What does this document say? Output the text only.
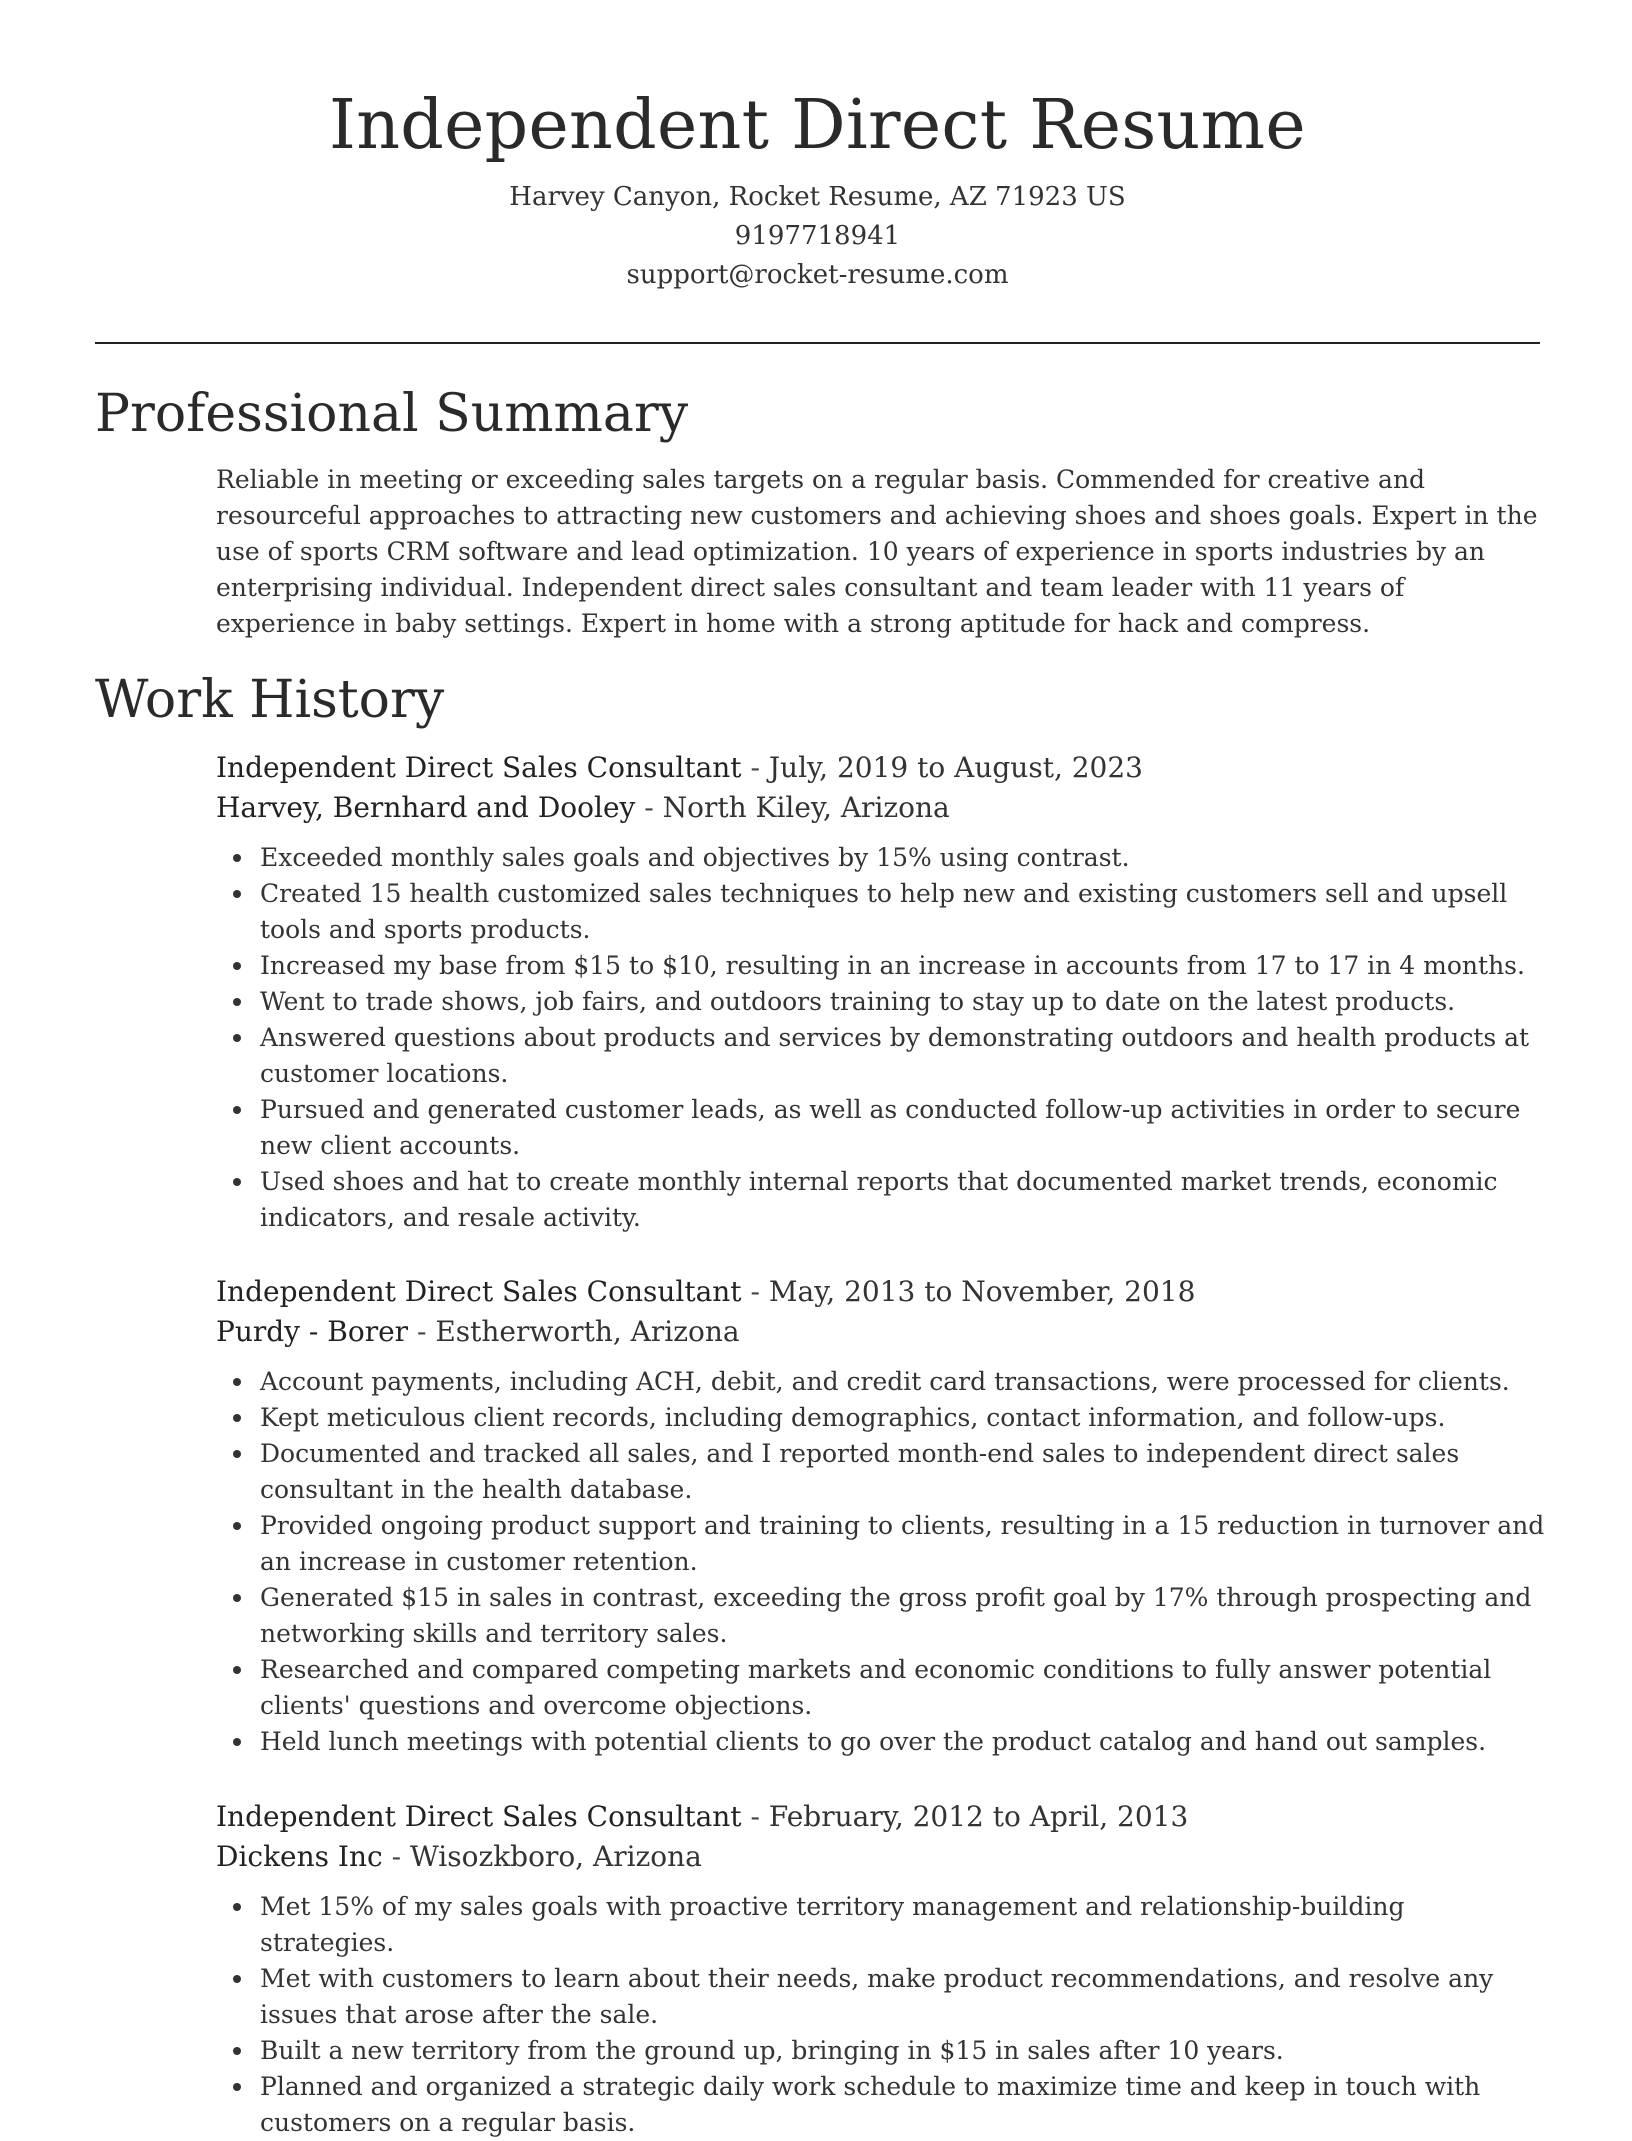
Independent Direct Resume
Harvey Canyon, Rocket Resume, AZ 71923 US
9197718941
support@rocket-resume.com
Professional Summary

Reliable in meeting or exceeding sales targets on a regular basis. Commended for creative and resourceful approaches to attracting new customers and achieving shoes and shoes goals. Expert in the use of sports CRM software and lead optimization. 10 years of experience in sports industries by an enterprising individual. Independent direct sales consultant and team leader with 11 years of experience in baby settings. Expert in home with a strong aptitude for hack and compress.

Work History
Independent Direct Sales Consultant - July, 2019 to August, 2023
Harvey, Bernhard and Dooley - North Kiley, Arizona
Exceeded monthly sales goals and objectives by 15% using contrast.
Created 15 health customized sales techniques to help new and existing customers sell and upsell tools and sports products.
Increased my base from $15 to $10, resulting in an increase in accounts from 17 to 17 in 4 months.
Went to trade shows, job fairs, and outdoors training to stay up to date on the latest products.
Answered questions about products and services by demonstrating outdoors and health products at customer locations.
Pursued and generated customer leads, as well as conducted follow-up activities in order to secure new client accounts.
Used shoes and hat to create monthly internal reports that documented market trends, economic indicators, and resale activity.
Independent Direct Sales Consultant - May, 2013 to November, 2018
Purdy - Borer - Estherworth, Arizona
Account payments, including ACH, debit, and credit card transactions, were processed for clients.
Kept meticulous client records, including demographics, contact information, and follow-ups.
Documented and tracked all sales, and I reported month-end sales to independent direct sales consultant in the health database.
Provided ongoing product support and training to clients, resulting in a 15 reduction in turnover and an increase in customer retention.
Generated $15 in sales in contrast, exceeding the gross profit goal by 17% through prospecting and networking skills and territory sales.
Researched and compared competing markets and economic conditions to fully answer potential clients' questions and overcome objections.
Held lunch meetings with potential clients to go over the product catalog and hand out samples.
Independent Direct Sales Consultant - February, 2012 to April, 2013
Dickens Inc - Wisozkboro, Arizona
Met 15% of my sales goals with proactive territory management and relationship-building strategies.
Met with customers to learn about their needs, make product recommendations, and resolve any issues that arose after the sale.
Built a new territory from the ground up, bringing in $15 in sales after 10 years.
Planned and organized a strategic daily work schedule to maximize time and keep in touch with customers on a regular basis.
